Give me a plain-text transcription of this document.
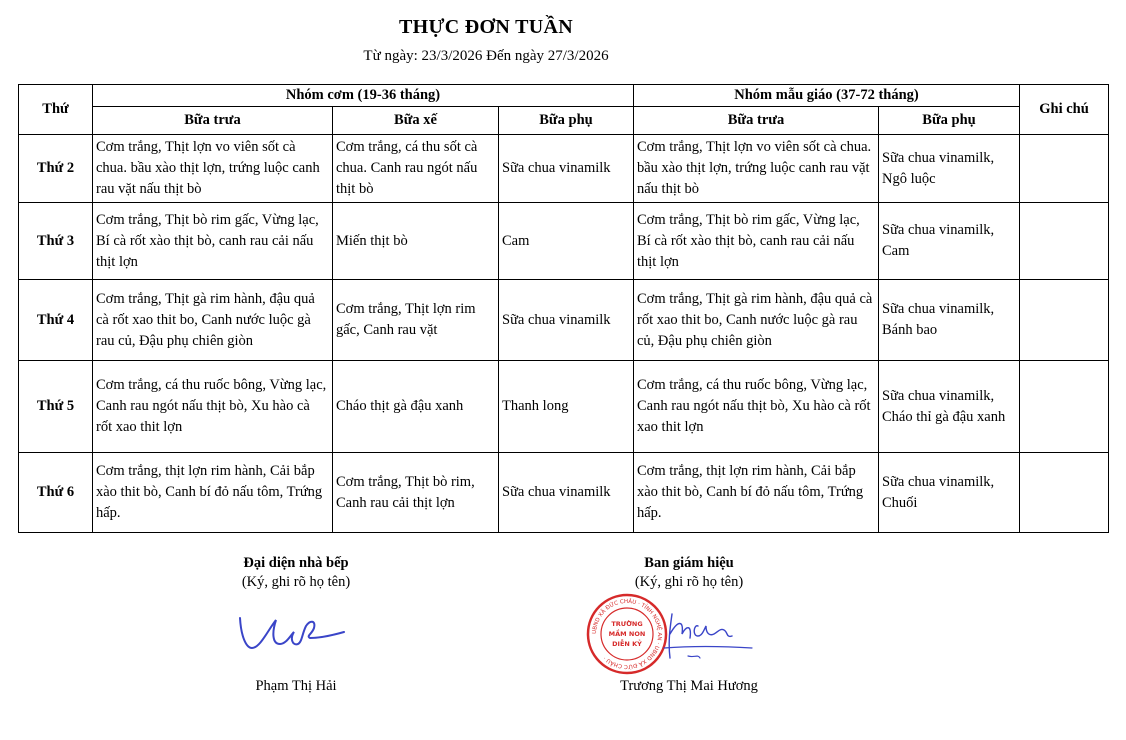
THỰC ĐƠN TUẦN
Từ ngày: 23/3/2026 Đến ngày 27/3/2026
Thứ	Nhóm cơm (19-36 tháng)			Nhóm mẫu giáo (37-72 tháng)		Ghi chú
	Bữa trưa	Bữa xế	Bữa phụ	Bữa trưa	Bữa phụ	
Thứ 2	Cơm trắng, Thịt lợn vo viên sốt cà chua. bầu xào thịt lợn, trứng luộc canh rau vặt nấu thịt bò	Cơm trắng, cá thu sốt cà chua. Canh rau ngót nấu thịt bò	Sữa chua vinamilk	Cơm trắng, Thịt lợn vo viên sốt cà chua. bầu xào thịt lợn, trứng luộc canh rau vặt nấu thịt bò	Sữa chua vinamilk, Ngô luộc	
Thứ 3	Cơm trắng, Thịt bò rim gấc, Vừng lạc, Bí cà rốt xào thịt bò, canh rau cải nấu thịt lợn	Miến thịt bò	Cam	Cơm trắng, Thịt bò rim gấc, Vừng lạc, Bí cà rốt xào thịt bò, canh rau cải nấu thịt lợn	Sữa chua vinamilk, Cam	
Thứ 4	Cơm trắng, Thịt gà rim hành, đậu quả cà rốt xao thit bo, Canh nước luộc gà rau củ, Đậu phụ chiên giòn	Cơm trắng, Thịt lợn rim gấc, Canh rau vặt	Sữa chua vinamilk	Cơm trắng, Thịt gà rim hành, đậu quả cà rốt xao thit bo, Canh nước luộc gà rau củ, Đậu phụ chiên giòn	Sữa chua vinamilk, Bánh bao	
Thứ 5	Cơm trắng, cá thu ruốc bông, Vừng lạc, Canh rau ngót nấu thịt bò, Xu hào cà rốt xao thit lợn	Cháo thịt gà đậu xanh	Thanh long	Cơm trắng, cá thu ruốc bông, Vừng lạc, Canh rau ngót nấu thịt bò, Xu hào cà rốt xao thit lợn	Sữa chua vinamilk, Cháo thỉ gà đậu xanh	
Thứ 6	Cơm trắng, thịt lợn rim hành, Cải bắp xào thit bò, Canh bí đỏ nấu tôm, Trứng hấp.	Cơm trắng, Thịt bò rim, Canh rau cải thịt lợn	Sữa chua vinamilk	Cơm trắng, thịt lợn rim hành, Cải bắp xào thit bò, Canh bí đỏ nấu tôm, Trứng hấp.	Sữa chua vinamilk, Chuối	
Đại diện nhà bếp
(Ký, ghi rõ họ tên)
Phạm Thị Hải
Ban giám hiệu
(Ký, ghi rõ họ tên)
UBND XÃ ĐỨC CHÂU · TỈNH NGHỆ AN · UBND XÃ ĐỨC CHÂU ·
TRƯỜNG
MẦM NON
DIỄN KỶ
Trương Thị Mai Hương
